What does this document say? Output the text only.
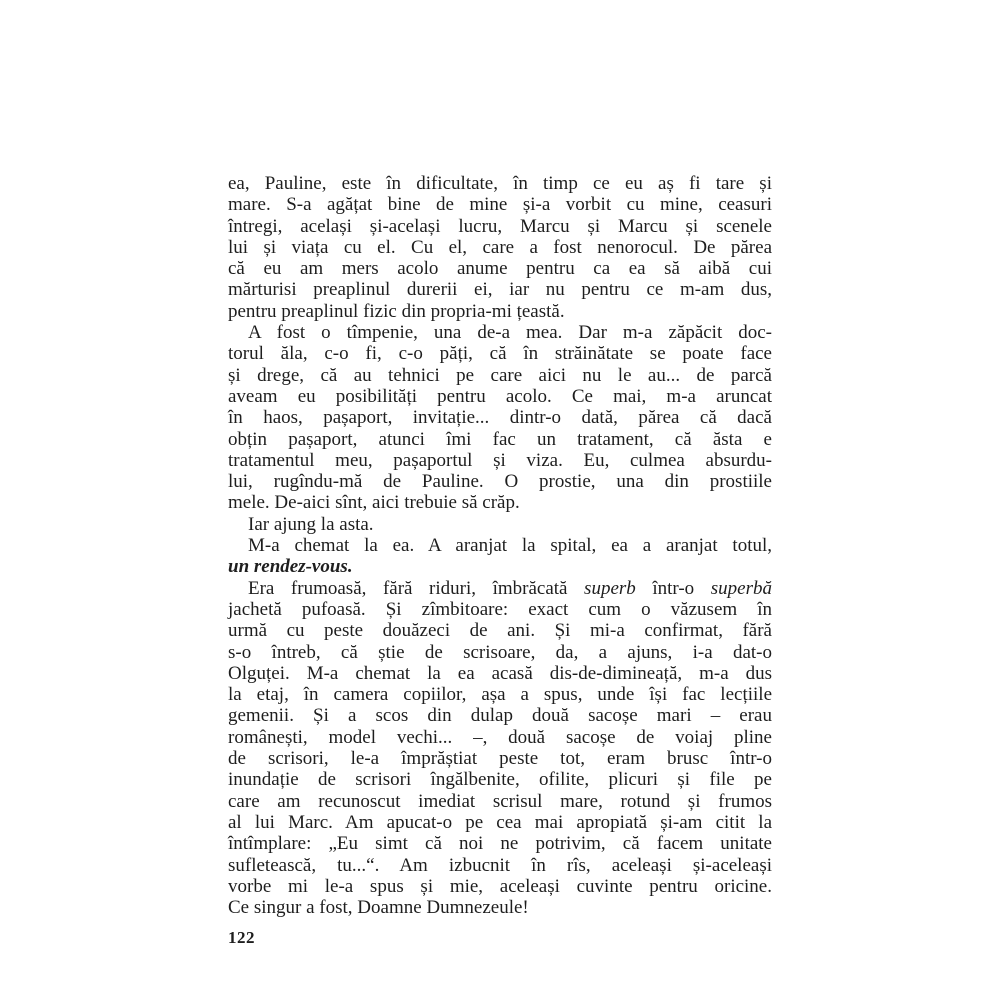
ea, Pauline, este în dificultate, în timp ce eu aș fi tare și
mare. S-a agățat bine de mine și-a vorbit cu mine, ceasuri
întregi, același și-același lucru, Marcu și Marcu și scenele
lui și viața cu el. Cu el, care a fost nenorocul. De părea
că eu am mers acolo anume pentru ca ea să aibă cui
mărturisi preaplinul durerii ei, iar nu pentru ce m-am dus,
pentru preaplinul fizic din propria-mi țeastă.
A fost o tîmpenie, una de-a mea. Dar m-a zăpăcit doc-
torul ăla, c-o fi, c-o păți, că în străinătate se poate face
și drege, că au tehnici pe care aici nu le au... de parcă
aveam eu posibilități pentru acolo. Ce mai, m-a aruncat
în haos, pașaport, invitație... dintr-o dată, părea că dacă
obțin pașaport, atunci îmi fac un tratament, că ăsta e
tratamentul meu, pașaportul și viza. Eu, culmea absurdu-
lui, rugîndu-mă de Pauline. O prostie, una din prostiile
mele. De-aici sînt, aici trebuie să crăp.
Iar ajung la asta.
M-a chemat la ea. A aranjat la spital, ea a aranjat totul,
un rendez-vous.
Era frumoasă, fără riduri, îmbrăcată superb într-o superbă
jachetă pufoasă. Și zîmbitoare: exact cum o văzusem în
urmă cu peste douăzeci de ani. Și mi-a confirmat, fără
s-o întreb, că știe de scrisoare, da, a ajuns, i-a dat-o
Olguței. M-a chemat la ea acasă dis-de-dimineață, m-a dus
la etaj, în camera copiilor, așa a spus, unde își fac lecțiile
gemenii. Și a scos din dulap două sacoșe mari – erau
românești, model vechi... –, două sacoșe de voiaj pline
de scrisori, le-a împrăștiat peste tot, eram brusc într-o
inundație de scrisori îngălbenite, ofilite, plicuri și file pe
care am recunoscut imediat scrisul mare, rotund și frumos
al lui Marc. Am apucat-o pe cea mai apropiată și-am citit la
întîmplare: „Eu simt că noi ne potrivim, că facem unitate
sufletească, tu...“. Am izbucnit în rîs, aceleași și-aceleași
vorbe mi le-a spus și mie, aceleași cuvinte pentru oricine.
Ce singur a fost, Doamne Dumnezeule!
122
